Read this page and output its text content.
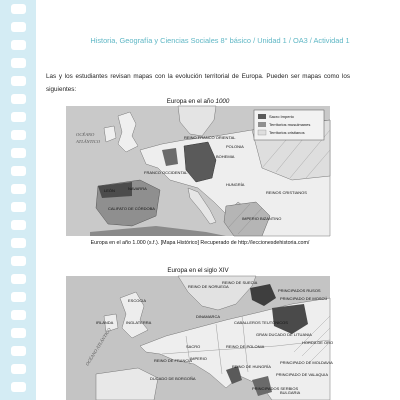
Historia, Geografía y Ciencias Sociales 8° básico / Unidad 1 / OA3 / Actividad 1

Las y los estudiantes revisan mapas con la evolución territorial de Europa. Pueden ser mapas como los siguientes:

Europa en el año 1000
Sacro Imperio
Territorios musulmanes
Territorios cristianos
OCÉANO
ATLÁNTICO
REINO FRANCO ORIENTAL
BOHEMIA
POLONIA
FRANCO OCCIDENTAL
HUNGRÍA
REINOS CRISTIANOS
LEÓN	NAVARRA
CALIFATO DE CÓRDOBA
IMPERIO BIZANTINO
Europa en el año 1.000 (s.f.). [Mapa Histórico] Recuperado de http://leccionesdehistoria.com/
Europa en el siglo XIV
OCÉANO ATLÁNTICO
REINO DE NORUEGA
REINO DE SUECIA
ESCOCIA
DINAMARCA
CABALLEROS TEUTÓNICOS
PRINCIPADOS RUSOS
PRINCIPADO DE MOSCÚ
IRLANDA	INGLATERRA
GRAN DUCADO DE LITUANIA
HORDA DE ORO
SACRO	REINO DE POLONIA
REINO DE FRANCIA
IMPERIO
PRINCIPADO DE MOLDAVIA
REINO DE HUNGRÍA
PRINCIPADO DE VALAQUIA
DUCADO DE BORGOÑA
PRINCIPADOS SERBIOS
BULGARIA
